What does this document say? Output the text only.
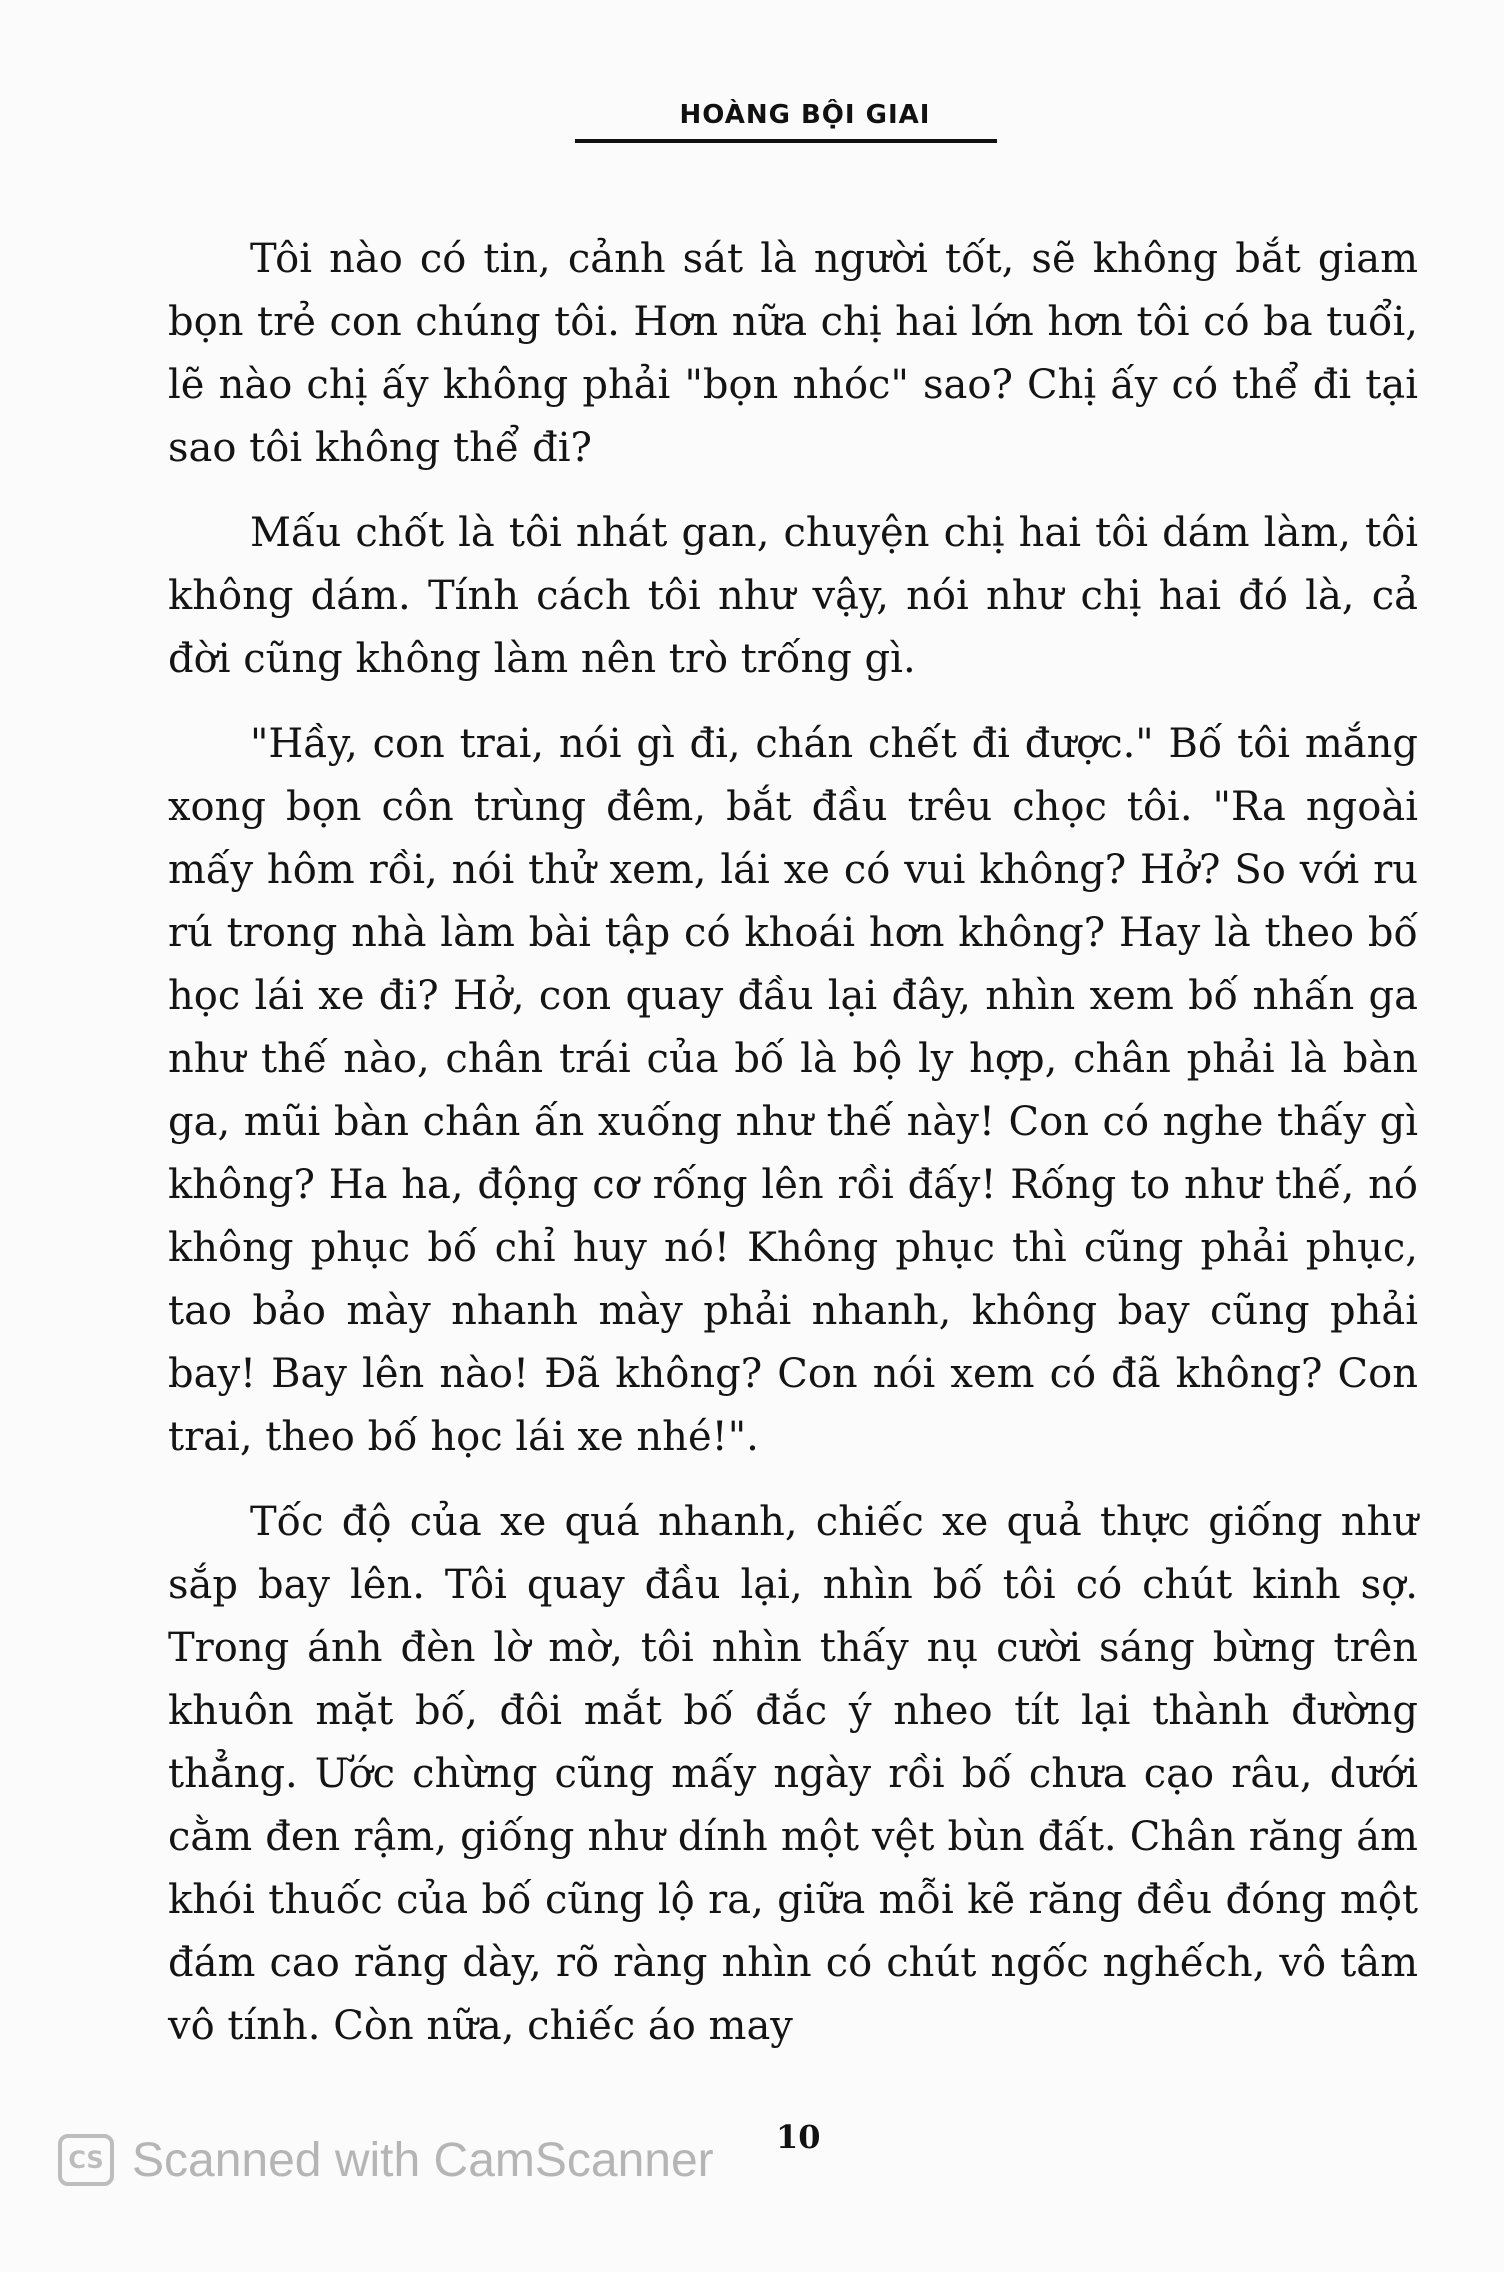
HOÀNG BỘI GIAI

Tôi nào có tin, cảnh sát là người tốt, sẽ không bắt giam bọn trẻ con chúng tôi. Hơn nữa chị hai lớn hơn tôi có ba tuổi, lẽ nào chị ấy không phải "bọn nhóc" sao? Chị ấy có thể đi tại sao tôi không thể đi?

Mấu chốt là tôi nhát gan, chuyện chị hai tôi dám làm, tôi không dám. Tính cách tôi như vậy, nói như chị hai đó là, cả đời cũng không làm nên trò trống gì.

"Hầy, con trai, nói gì đi, chán chết đi được." Bố tôi mắng xong bọn côn trùng đêm, bắt đầu trêu chọc tôi. "Ra ngoài mấy hôm rồi, nói thử xem, lái xe có vui không? Hở? So với ru rú trong nhà làm bài tập có khoái hơn không? Hay là theo bố học lái xe đi? Hở, con quay đầu lại đây, nhìn xem bố nhấn ga như thế nào, chân trái của bố là bộ ly hợp, chân phải là bàn ga, mũi bàn chân ấn xuống như thế này! Con có nghe thấy gì không? Ha ha, động cơ rống lên rồi đấy! Rống to như thế, nó không phục bố chỉ huy nó! Không phục thì cũng phải phục, tao bảo mày nhanh mày phải nhanh, không bay cũng phải bay! Bay lên nào! Đã không? Con nói xem có đã không? Con trai, theo bố học lái xe nhé!".

Tốc độ của xe quá nhanh, chiếc xe quả thực giống như sắp bay lên. Tôi quay đầu lại, nhìn bố tôi có chút kinh sợ. Trong ánh đèn lờ mờ, tôi nhìn thấy nụ cười sáng bừng trên khuôn mặt bố, đôi mắt bố đắc ý nheo tít lại thành đường thẳng. Ước chừng cũng mấy ngày rồi bố chưa cạo râu, dưới cằm đen rậm, giống như dính một vệt bùn đất. Chân răng ám khói thuốc của bố cũng lộ ra, giữa mỗi kẽ răng đều đóng một đám cao răng dày, rõ ràng nhìn có chút ngốc nghếch, vô tâm vô tính. Còn nữa, chiếc áo may

10
CS Scanned with CamScanner
